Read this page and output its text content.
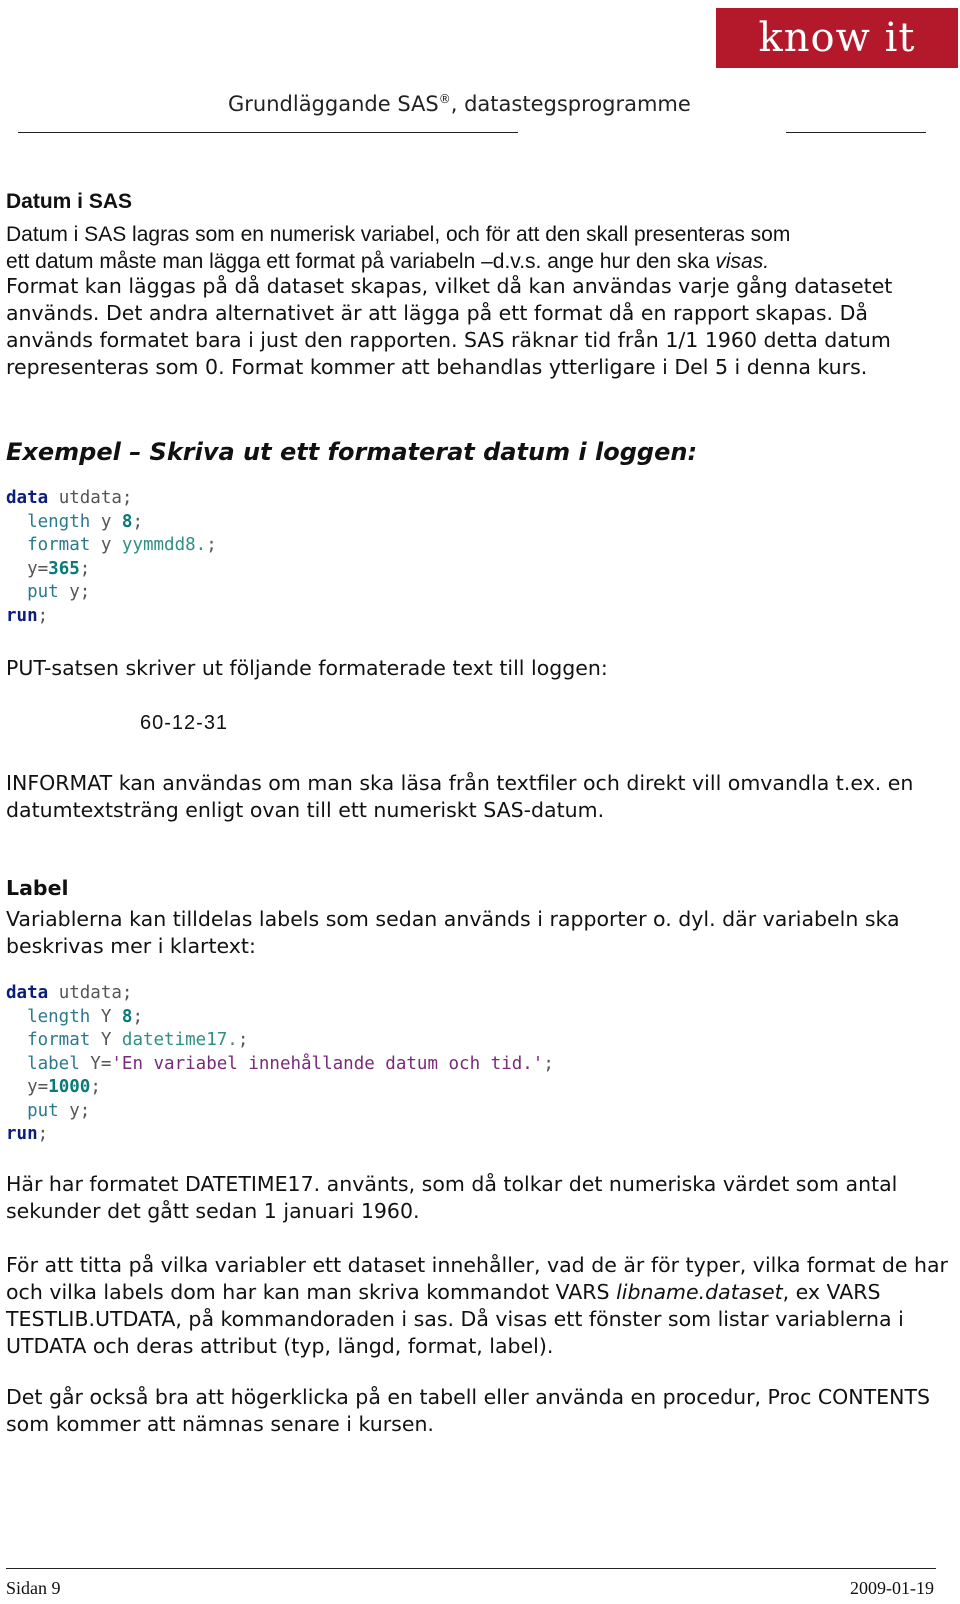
know it
Grundläggande SAS®, datastegsprogramme
Datum i SAS
Datum i SAS lagras som en numerisk variabel, och för att den skall presenteras som
ett datum måste man lägga ett format på variabeln –d.v.s. ange hur den ska visas.

Format kan läggas på då dataset skapas, vilket då kan användas varje gång datasetet används. Det andra alternativet är att lägga på ett format då en rapport skapas. Då används formatet bara i just den rapporten. SAS räknar tid från 1/1 1960 detta datum representeras som 0. Format kommer att behandlas ytterligare i Del 5 i denna kurs.

Exempel – Skriva ut ett formaterat datum i loggen:
data utdata;
length y 8;
format y yymmdd8.;
y=365;
put y;
run;

PUT-satsen skriver ut följande formaterade text till loggen:

60-12-31

INFORMAT kan användas om man ska läsa från textfiler och direkt vill omvandla t.ex. en datumtextsträng enligt ovan till ett numeriskt SAS-datum.

Label

Variablerna kan tilldelas labels som sedan används i rapporter o. dyl. där variabeln ska beskrivas mer i klartext:

data utdata;
length Y 8;
format Y datetime17.;
label Y='En variabel innehållande datum och tid.';
y=1000;
put y;
run;

Här har formatet DATETIME17. använts, som då tolkar det numeriska värdet som antal sekunder det gått sedan 1 januari 1960.

För att titta på vilka variabler ett dataset innehåller, vad de är för typer, vilka format de har och vilka labels dom har kan man skriva kommandot VARS libname.dataset, ex VARS TESTLIB.UTDATA, på kommandoraden i sas. Då visas ett fönster som listar variablerna i UTDATA och deras attribut (typ, längd, format, label).

Det går också bra att högerklicka på en tabell eller använda en procedur, Proc CONTENTS som kommer att nämnas senare i kursen.

Sidan 9	2009-01-19
